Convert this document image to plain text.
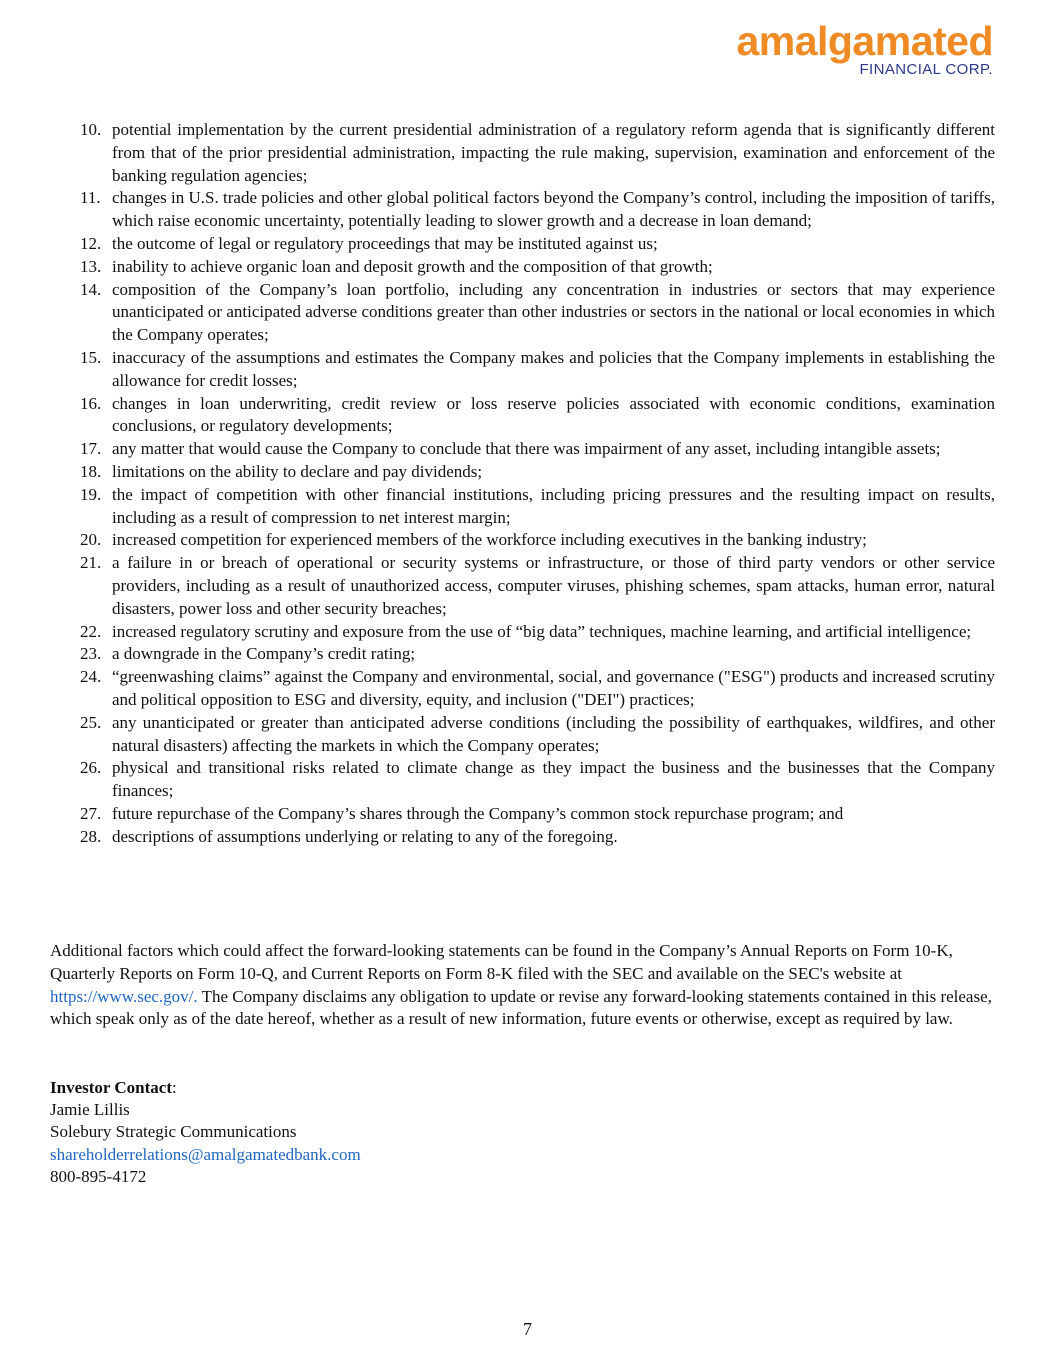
amalgamated
FINANCIAL CORP.
10. potential implementation by the current presidential administration of a regulatory reform agenda that is significantly different from that of the prior presidential administration, impacting the rule making, supervision, examination and enforcement of the banking regulation agencies;
11. changes in U.S. trade policies and other global political factors beyond the Company’s control, including the imposition of tariffs, which raise economic uncertainty, potentially leading to slower growth and a decrease in loan demand;
12. the outcome of legal or regulatory proceedings that may be instituted against us;
13. inability to achieve organic loan and deposit growth and the composition of that growth;
14. composition of the Company’s loan portfolio, including any concentration in industries or sectors that may experience unanticipated or anticipated adverse conditions greater than other industries or sectors in the national or local economies in which the Company operates;
15. inaccuracy of the assumptions and estimates the Company makes and policies that the Company implements in establishing the allowance for credit losses;
16. changes in loan underwriting, credit review or loss reserve policies associated with economic conditions, examination conclusions, or regulatory developments;
17. any matter that would cause the Company to conclude that there was impairment of any asset, including intangible assets;
18. limitations on the ability to declare and pay dividends;
19. the impact of competition with other financial institutions, including pricing pressures and the resulting impact on results, including as a result of compression to net interest margin;
20. increased competition for experienced members of the workforce including executives in the banking industry;
21. a failure in or breach of operational or security systems or infrastructure, or those of third party vendors or other service providers, including as a result of unauthorized access, computer viruses, phishing schemes, spam attacks, human error, natural disasters, power loss and other security breaches;
22. increased regulatory scrutiny and exposure from the use of “big data” techniques, machine learning, and artificial intelligence;
23. a downgrade in the Company’s credit rating;
24. “greenwashing claims” against the Company and environmental, social, and governance ("ESG") products and increased scrutiny and political opposition to ESG and diversity, equity, and inclusion ("DEI") practices;
25. any unanticipated or greater than anticipated adverse conditions (including the possibility of earthquakes, wildfires, and other natural disasters) affecting the markets in which the Company operates;
26. physical and transitional risks related to climate change as they impact the business and the businesses that the Company finances;
27. future repurchase of the Company’s shares through the Company’s common stock repurchase program; and
28. descriptions of assumptions underlying or relating to any of the foregoing.
Additional factors which could affect the forward-looking statements can be found in the Company’s Annual Reports on Form 10-K, Quarterly Reports on Form 10-Q, and Current Reports on Form 8-K filed with the SEC and available on the SEC's website at https://www.sec.gov/. The Company disclaims any obligation to update or revise any forward-looking statements contained in this release, which speak only as of the date hereof, whether as a result of new information, future events or otherwise, except as required by law.
Investor Contact:
Jamie Lillis
Solebury Strategic Communications
shareholderrelations@amalgamatedbank.com
800-895-4172
7
